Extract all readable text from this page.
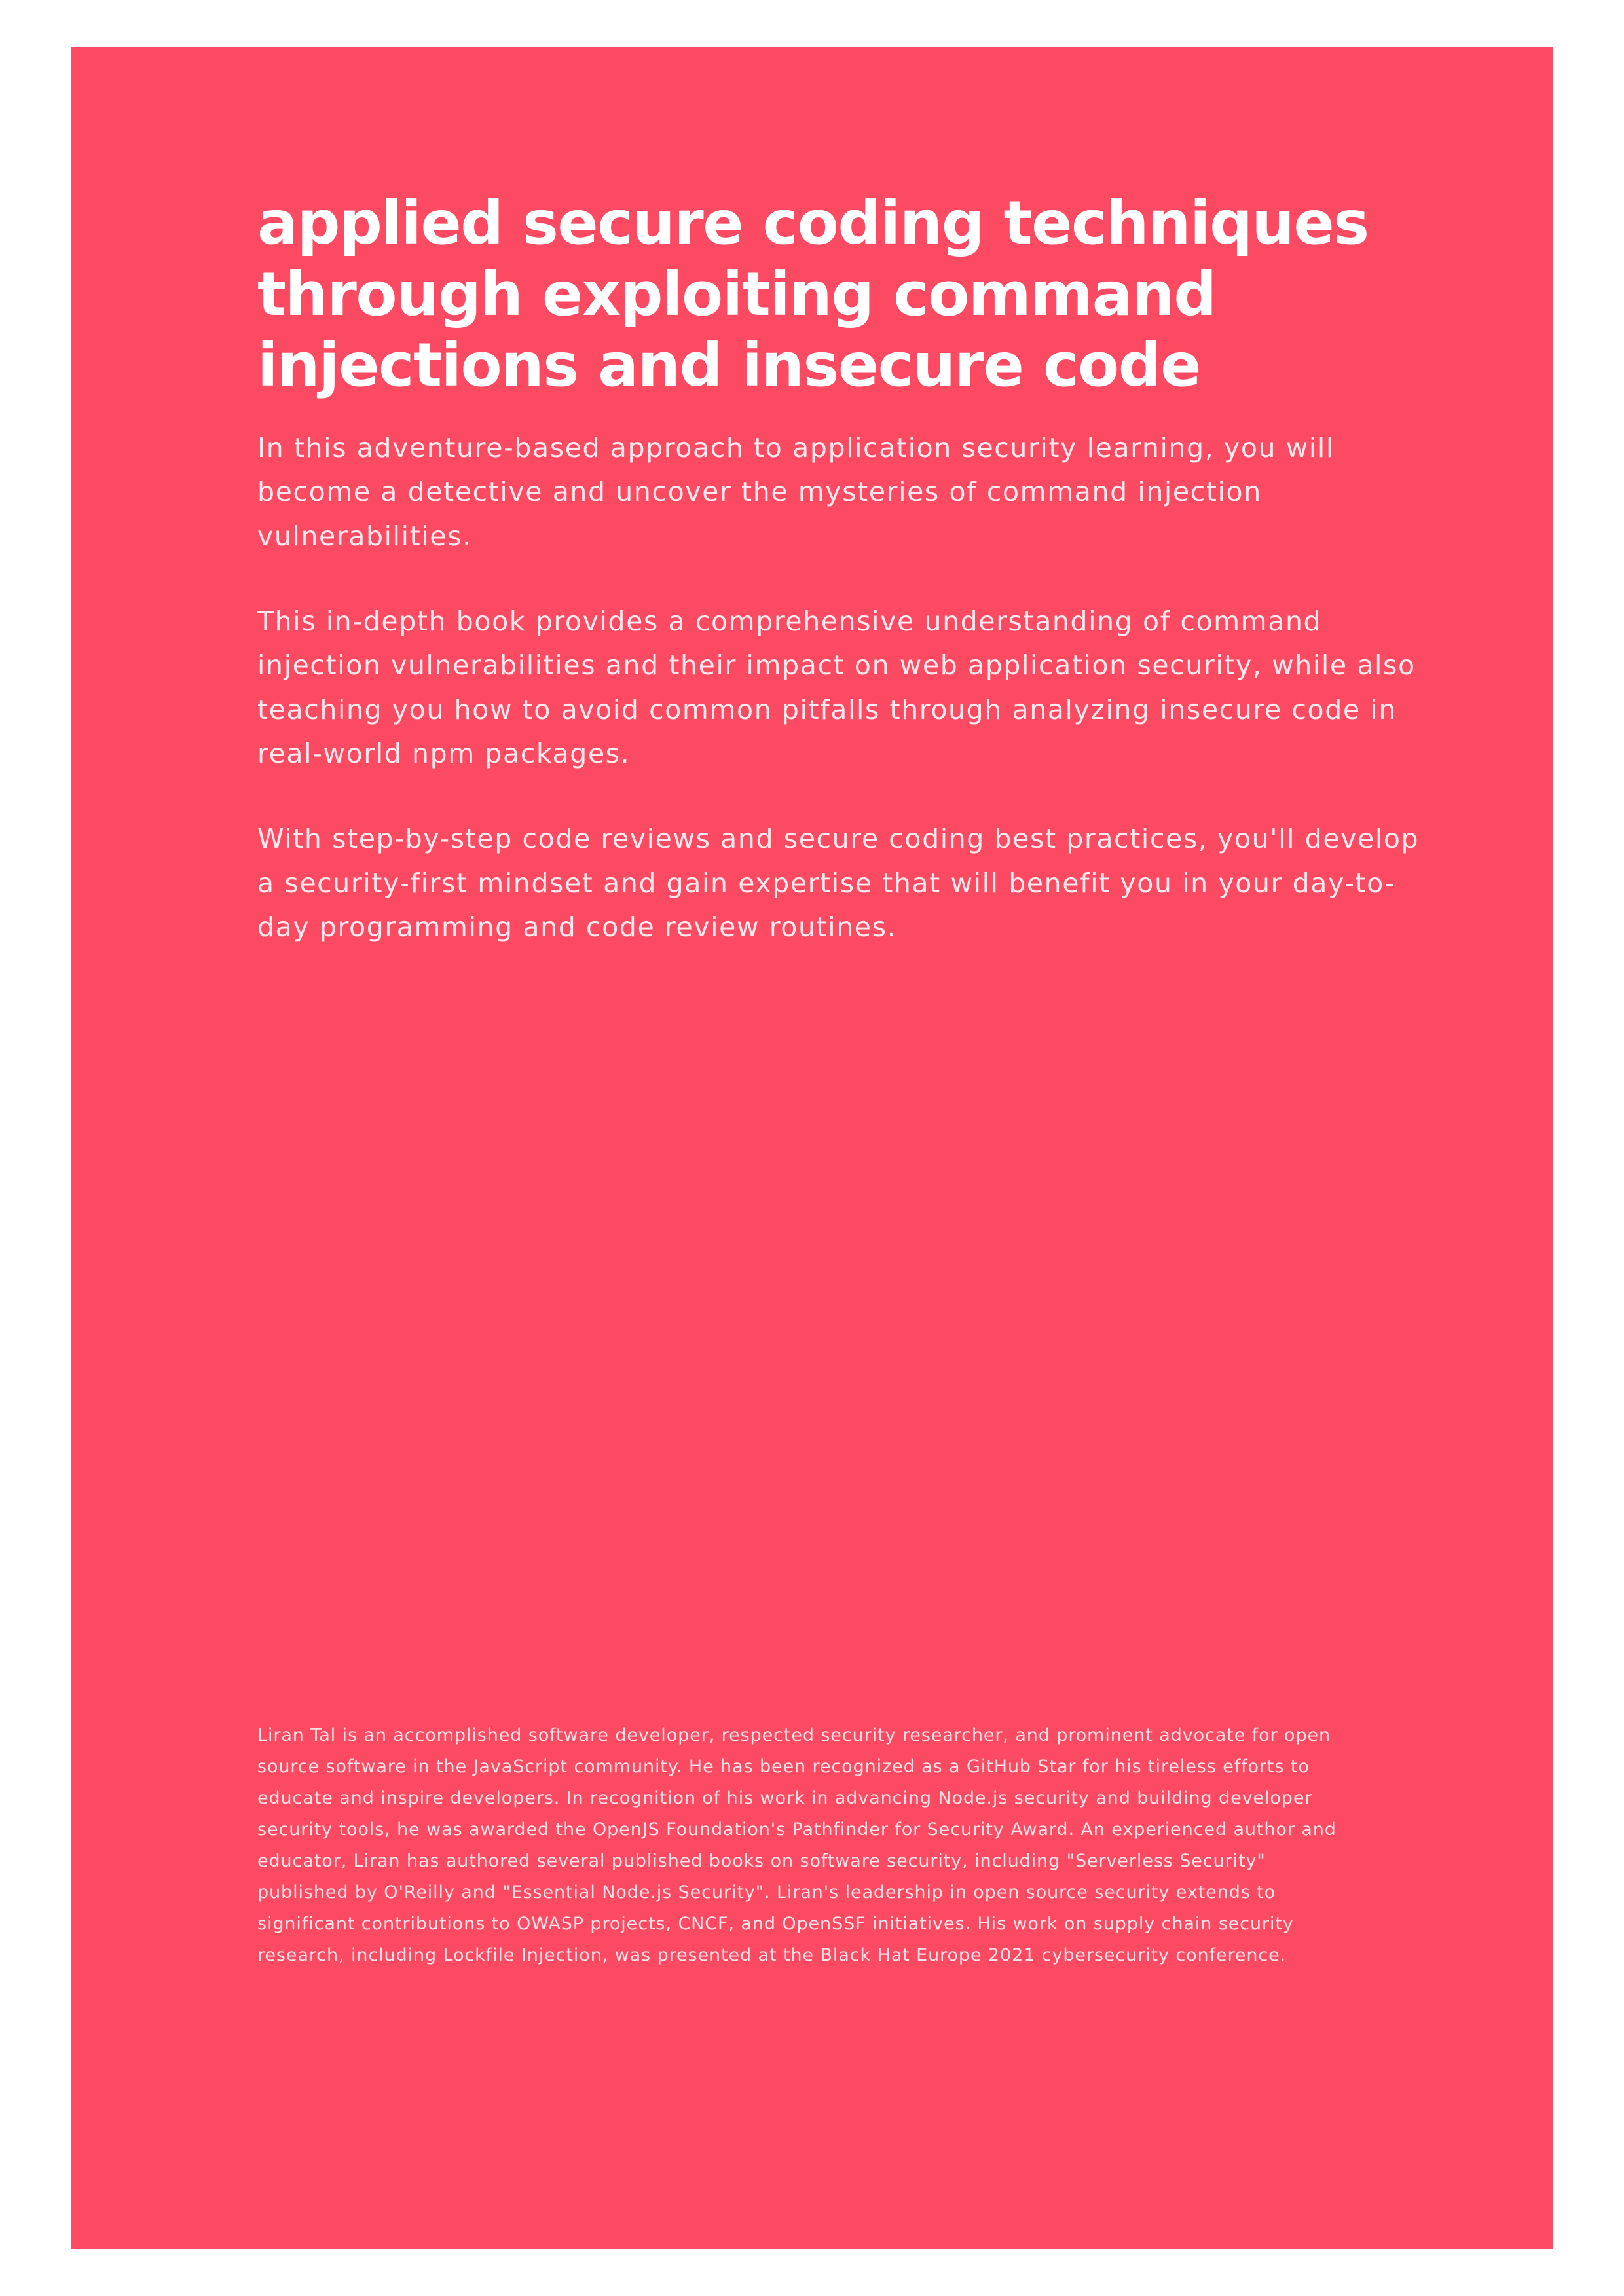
applied secure coding techniques through exploiting command injections and insecure code

In this adventure-based approach to application security learning, you will become a detective and uncover the mysteries of command injection vulnerabilities.

This in-depth book provides a comprehensive understanding of command injection vulnerabilities and their impact on web application security, while also teaching you how to avoid common pitfalls through analyzing insecure code in real-world npm packages.

With step-by-step code reviews and secure coding best practices, you'll develop a security-first mindset and gain expertise that will benefit you in your day-to-day programming and code review routines.

Liran Tal is an accomplished software developer, respected security researcher, and prominent advocate for open source software in the JavaScript community. He has been recognized as a GitHub Star for his tireless efforts to educate and inspire developers. In recognition of his work in advancing Node.js security and building developer security tools, he was awarded the OpenJS Foundation's Pathfinder for Security Award. An experienced author and educator, Liran has authored several published books on software security, including "Serverless Security" published by O'Reilly and "Essential Node.js Security". Liran's leadership in open source security extends to significant contributions to OWASP projects, CNCF, and OpenSSF initiatives. His work on supply chain security research, including Lockfile Injection, was presented at the Black Hat Europe 2021 cybersecurity conference.
